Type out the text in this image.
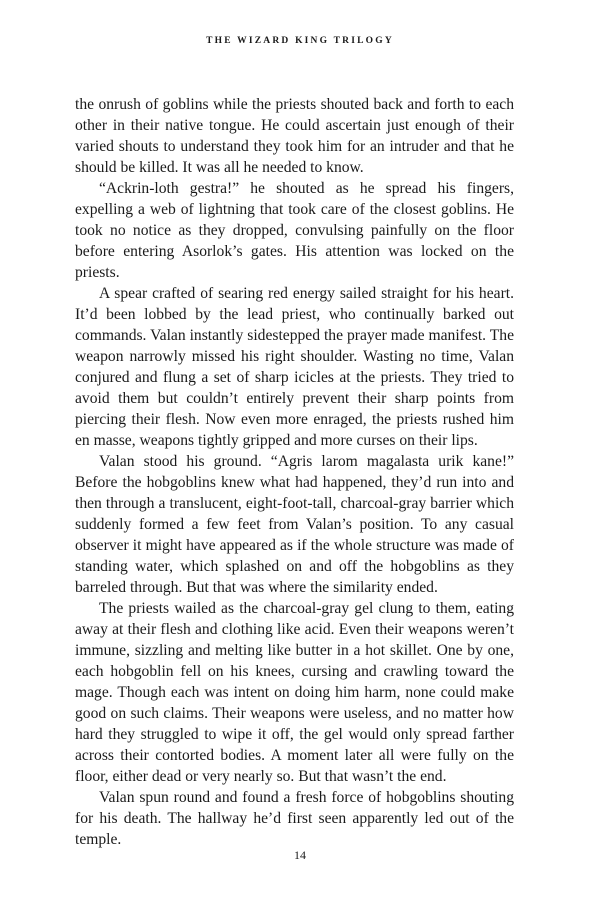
THE WIZARD KING TRILOGY

the onrush of goblins while the priests shouted back and forth to each other in their native tongue. He could ascertain just enough of their varied shouts to understand they took him for an intruder and that he should be killed. It was all he needed to know.

“Ackrin-loth gestra!” he shouted as he spread his fingers, expelling a web of lightning that took care of the closest goblins. He took no notice as they dropped, convulsing painfully on the floor before entering Asorlok’s gates. His attention was locked on the priests.

A spear crafted of searing red energy sailed straight for his heart. It’d been lobbed by the lead priest, who continually barked out commands. Valan instantly sidestepped the prayer made manifest. The weapon narrowly missed his right shoulder. Wasting no time, Valan conjured and flung a set of sharp icicles at the priests. They tried to avoid them but couldn’t entirely prevent their sharp points from piercing their flesh. Now even more enraged, the priests rushed him en masse, weapons tightly gripped and more curses on their lips.

Valan stood his ground. “Agris larom magalasta urik kane!” Before the hobgoblins knew what had happened, they’d run into and then through a translucent, eight-foot-tall, charcoal-gray barrier which suddenly formed a few feet from Valan’s position. To any casual observer it might have appeared as if the whole structure was made of standing water, which splashed on and off the hobgoblins as they barreled through. But that was where the similarity ended.

The priests wailed as the charcoal-gray gel clung to them, eating away at their flesh and clothing like acid. Even their weapons weren’t immune, sizzling and melting like butter in a hot skillet. One by one, each hobgoblin fell on his knees, cursing and crawling toward the mage. Though each was intent on doing him harm, none could make good on such claims. Their weapons were useless, and no matter how hard they struggled to wipe it off, the gel would only spread farther across their contorted bodies. A moment later all were fully on the floor, either dead or very nearly so. But that wasn’t the end.

Valan spun round and found a fresh force of hobgoblins shouting for his death. The hallway he’d first seen apparently led out of the temple.

14
